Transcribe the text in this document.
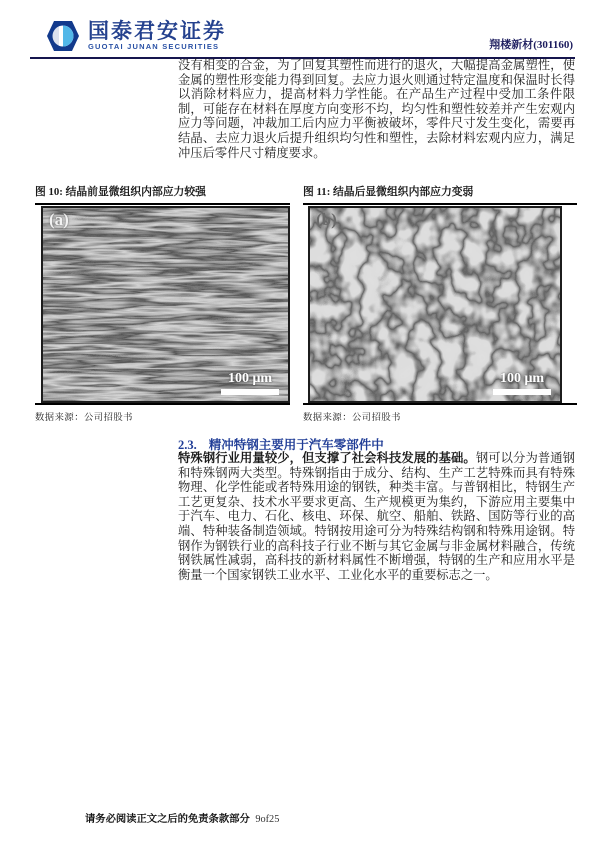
国泰君安证券
GUOTAI JUNAN SECURITIES	翔楼新材(301160)

没有相变的合金，为了回复其塑性而进行的退火，大幅提高金属塑性，使金属的塑性形变能力得到回复。去应力退火则通过特定温度和保温时长得以消除材料应力，提高材料力学性能。在产品生产过程中受加工条件限制，可能存在材料在厚度方向变形不均，均匀性和塑性较差并产生宏观内应力等问题，冲裁加工后内应力平衡被破坏，零件尺寸发生变化，需要再结晶、去应力退火后提升组织均匀性和塑性，去除材料宏观内应力，满足冲压后零件尺寸精度要求。

图 10: 结晶前显微组织内部应力较强
(a)
100 μm
数据来源：公司招股书
图 11: 结晶后显微组织内部应力变弱
(b)
100 μm
数据来源：公司招股书
2.3. 精冲特钢主要用于汽车零部件中

特殊钢行业用量较少，但支撑了社会科技发展的基础。钢可以分为普通钢和特殊钢两大类型。特殊钢指由于成分、结构、生产工艺特殊而具有特殊物理、化学性能或者特殊用途的钢铁，种类丰富。与普钢相比，特钢生产工艺更复杂、技术水平要求更高、生产规模更为集约，下游应用主要集中于汽车、电力、石化、核电、环保、航空、船舶、铁路、国防等行业的高端、特种装备制造领域。特钢按用途可分为特殊结构钢和特殊用途钢。特钢作为钢铁行业的高科技子行业不断与其它金属与非金属材料融合，传统钢铁属性减弱，高科技的新材料属性不断增强，特钢的生产和应用水平是衡量一个国家钢铁工业水平、工业化水平的重要标志之一。

请务必阅读正文之后的免责条款部分 9of25
